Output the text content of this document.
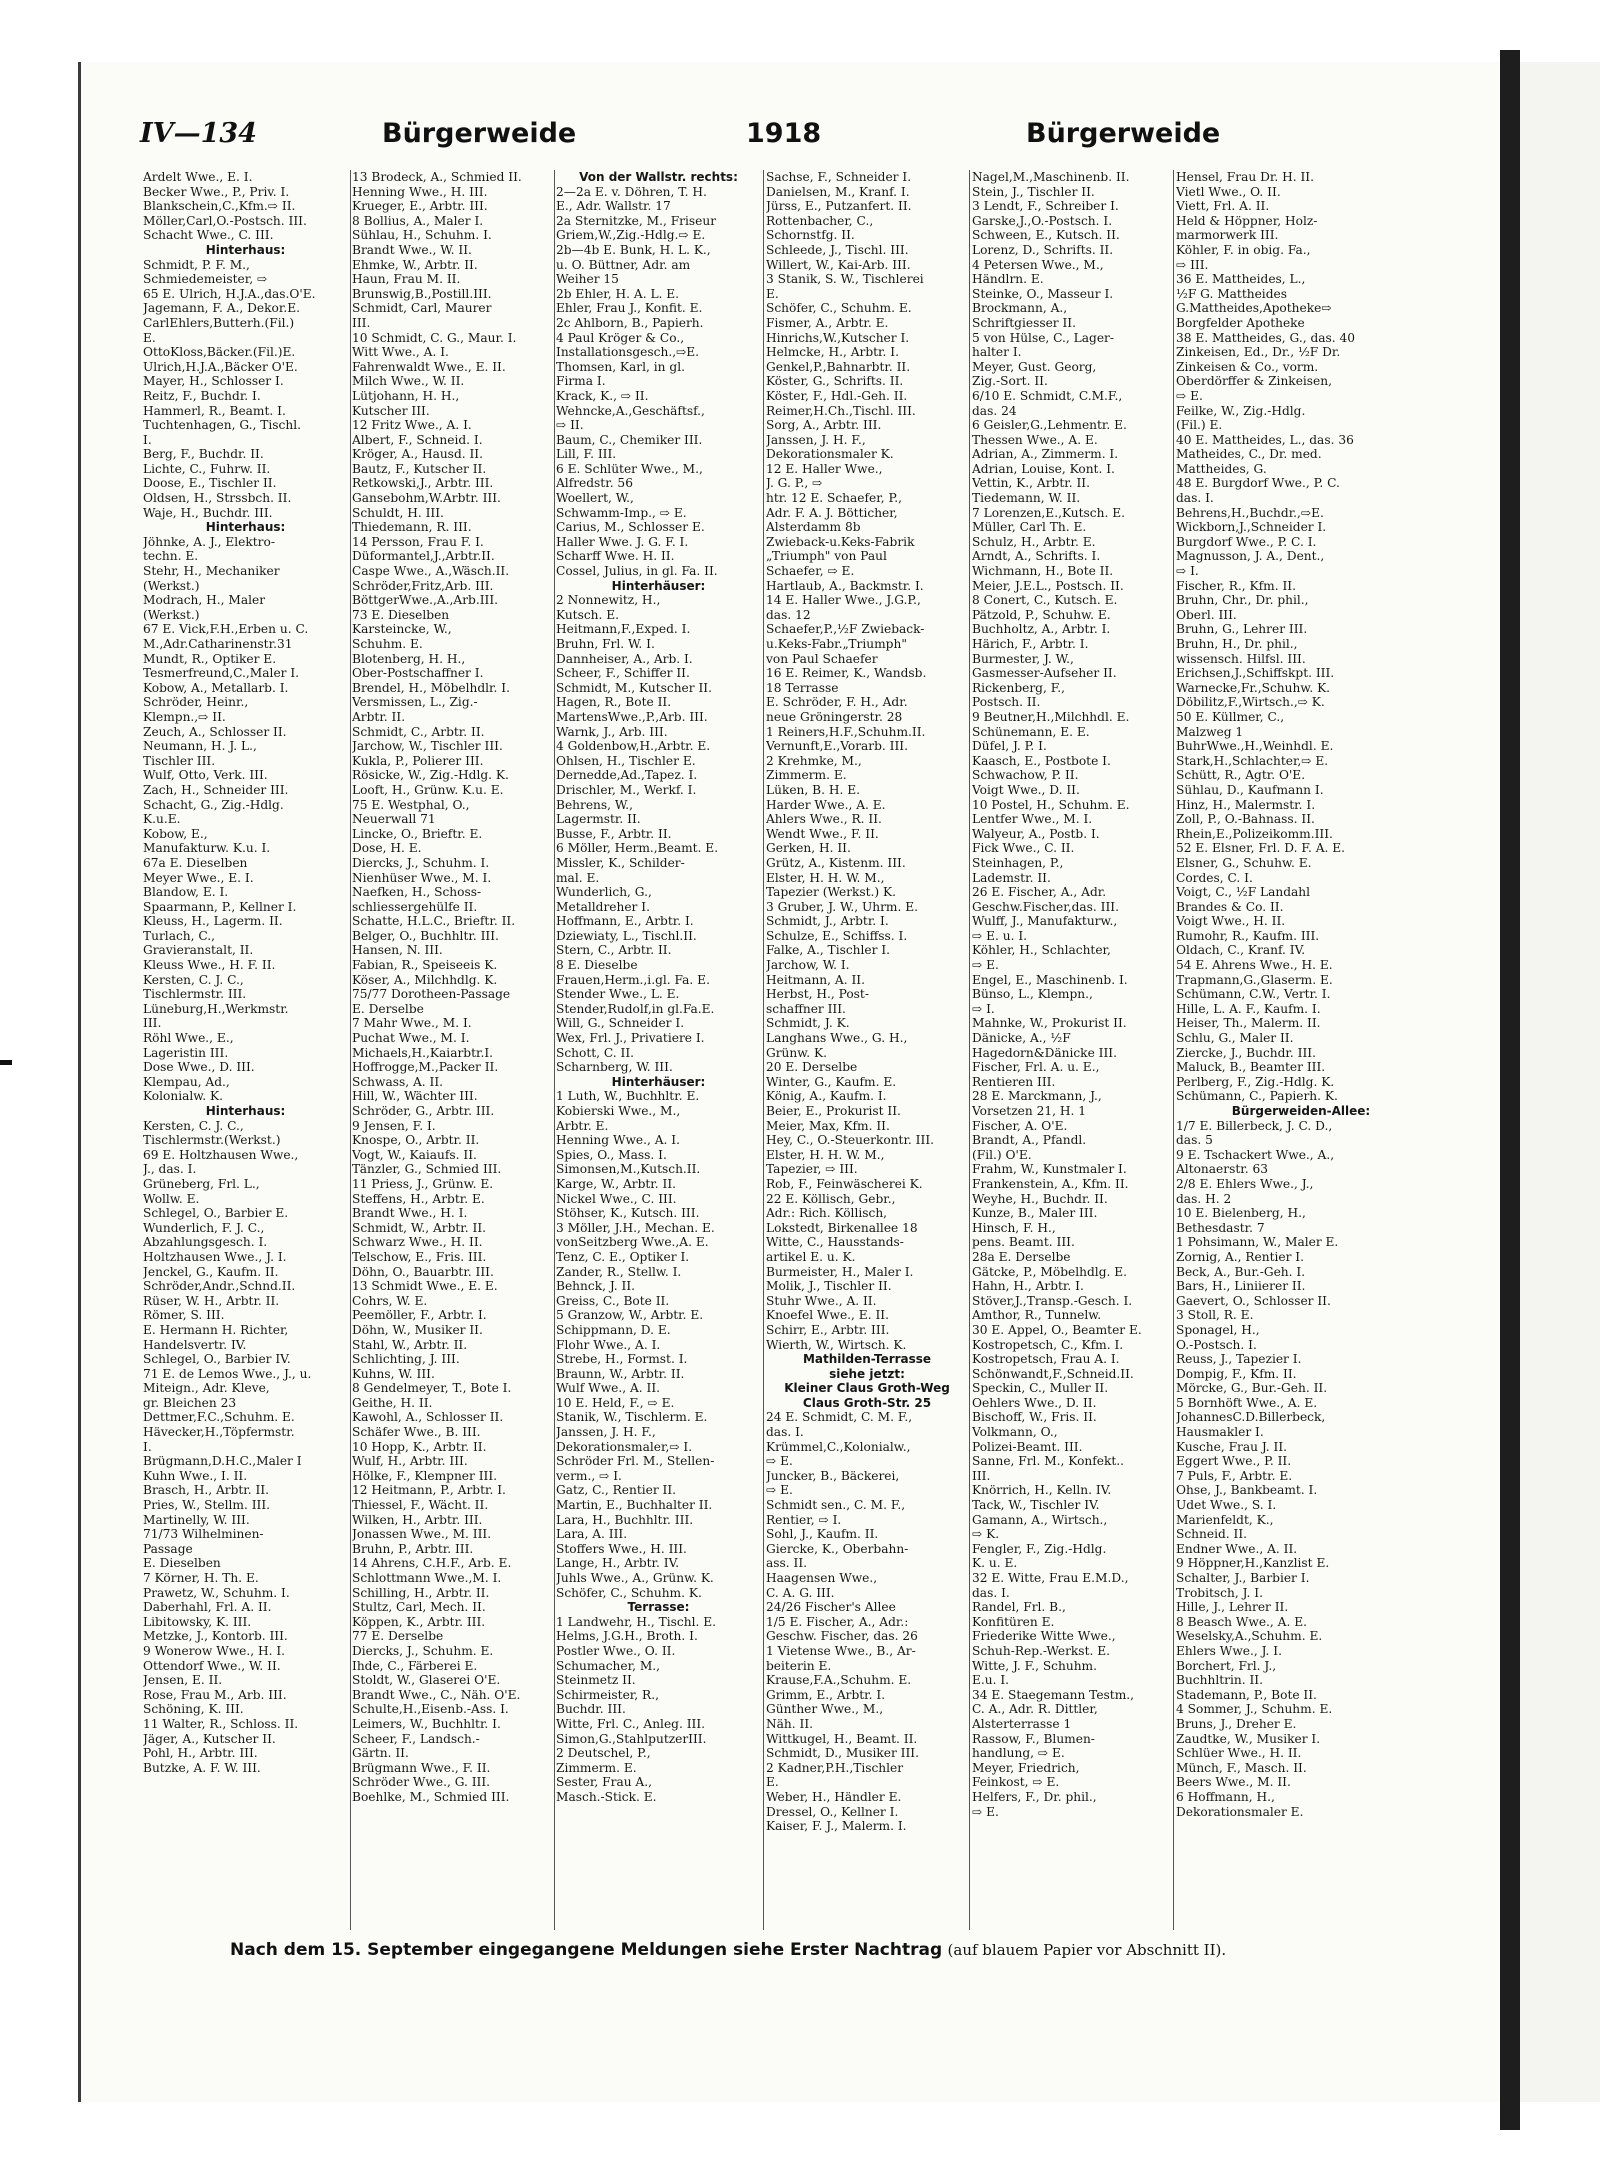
IV—134	Bürgerweide	1918	Bürgerweide
Ardelt Wwe., E. I.
Becker Wwe., P., Priv. I.
Blankschein,C.,Kfm.⇨ II.
Möller,Carl,O.-Postsch. III.
Schacht Wwe., C. III.
Hinterhaus:
Schmidt, P. F. M.,
Schmiedemeister, ⇨
65 E. Ulrich, H.J.A.,das.O'E.
Jagemann, F. A., Dekor.E.
CarlEhlers,Butterh.(Fil.)
E.
OttoKloss,Bäcker.(Fil.)E.
Ulrich,H.J.A.,Bäcker O'E.
Mayer, H., Schlosser I.
Reitz, F., Buchdr. I.
Hammerl, R., Beamt. I.
Tuchtenhagen, G., Tischl.
I.
Berg, F., Buchdr. II.
Lichte, C., Fuhrw. II.
Doose, E., Tischler II.
Oldsen, H., Strssbch. II.
Waje, H., Buchdr. III.
Hinterhaus:
Jöhnke, A. J., Elektro-
techn. E.
Stehr, H., Mechaniker
(Werkst.)
Modrach, H., Maler
(Werkst.)
67 E. Vick,F.H.,Erben u. C.
M.,Adr.Catharinenstr.31
Mundt, R., Optiker E.
Tesmerfreund,C.,Maler I.
Kobow, A., Metallarb. I.
Schröder, Heinr.,
Klempn.,⇨ II.
Zeuch, A., Schlosser II.
Neumann, H. J. L.,
Tischler III.
Wulf, Otto, Verk. III.
Zach, H., Schneider III.
Schacht, G., Zig.-Hdlg.
K.u.E.
Kobow, E.,
Manufakturw. K.u. I.
67a E. Dieselben
Meyer Wwe., E. I.
Blandow, E. I.
Spaarmann, P., Kellner I.
Kleuss, H., Lagerm. II.
Turlach, C.,
Gravieranstalt, II.
Kleuss Wwe., H. F. II.
Kersten, C. J. C.,
Tischlermstr. III.
Lüneburg,H.,Werkmstr.
III.
Röhl Wwe., E.,
Lageristin III.
Dose Wwe., D. III.
Klempau, Ad.,
Kolonialw. K.
Hinterhaus:
Kersten, C. J. C.,
Tischlermstr.(Werkst.)
69 E. Holtzhausen Wwe.,
J., das. I.
Grüneberg, Frl. L.,
Wollw. E.
Schlegel, O., Barbier E.
Wunderlich, F. J. C.,
Abzahlungsgesch. I.
Holtzhausen Wwe., J. I.
Jenckel, G., Kaufm. II.
Schröder,Andr.,Schnd.II.
Rüser, W. H., Arbtr. II.
Römer, S. III.
E. Hermann H. Richter,
Handelsvertr. IV.
Schlegel, O., Barbier IV.
71 E. de Lemos Wwe., J., u.
Miteign., Adr. Kleve,
gr. Bleichen 23
Dettmer,F.C.,Schuhm. E.
Hävecker,H.,Töpfermstr.
I.
Brügmann,D.H.C.,Maler I
Kuhn Wwe., I. II.
Brasch, H., Arbtr. II.
Pries, W., Stellm. III.
Martinelly, W. III.
71/73 Wilhelminen-
Passage
E. Dieselben
7 Körner, H. Th. E.
Prawetz, W., Schuhm. I.
Daberhahl, Frl. A. II.
Libitowsky, K. III.
Metzke, J., Kontorb. III.
9 Wonerow Wwe., H. I.
Ottendorf Wwe., W. II.
Jensen, E. II.
Rose, Frau M., Arb. III.
Schöning, K. III.
11 Walter, R., Schloss. II.
Jäger, A., Kutscher II.
Pohl, H., Arbtr. III.
Butzke, A. F. W. III.
13 Brodeck, A., Schmied II.
Henning Wwe., H. III.
Krueger, E., Arbtr. III.
8 Bollius, A., Maler I.
Sühlau, H., Schuhm. I.
Brandt Wwe., W. II.
Ehmke, W., Arbtr. II.
Haun, Frau M. II.
Brunswig,B.,Postill.III.
Schmidt, Carl, Maurer
III.
10 Schmidt, C. G., Maur. I.
Witt Wwe., A. I.
Fahrenwaldt Wwe., E. II.
Milch Wwe., W. II.
Lütjohann, H. H.,
Kutscher III.
12 Fritz Wwe., A. I.
Albert, F., Schneid. I.
Kröger, A., Hausd. II.
Bautz, F., Kutscher II.
Retkowski,J., Arbtr. III.
Gansebohm,W.Arbtr. III.
Schuldt, H. III.
Thiedemann, R. III.
14 Persson, Frau F. I.
Düformantel,J.,Arbtr.II.
Caspe Wwe., A.,Wäsch.II.
Schröder,Fritz,Arb. III.
BöttgerWwe.,A.,Arb.III.
73 E. Dieselben
Karsteincke, W.,
Schuhm. E.
Blotenberg, H. H.,
Ober-Postschaffner I.
Brendel, H., Möbelhdlr. I.
Versmissen, L., Zig.-
Arbtr. II.
Schmidt, C., Arbtr. II.
Jarchow, W., Tischler III.
Kukla, P., Polierer III.
Rösicke, W., Zig.-Hdlg. K.
Looft, H., Grünw. K.u. E.
75 E. Westphal, O.,
Neuerwall 71
Lincke, O., Brieftr. E.
Dose, H. E.
Diercks, J., Schuhm. I.
Nienhüser Wwe., M. I.
Naefken, H., Schoss-
schliessergehülfe II.
Schatte, H.L.C., Brieftr. II.
Belger, O., Buchhltr. III.
Hansen, N. III.
Fabian, R., Speiseeis K.
Köser, A., Milchhdlg. K.
75/77 Dorotheen-Passage
E. Derselbe
7 Mahr Wwe., M. I.
Puchat Wwe., M. I.
Michaels,H.,Kaiarbtr.I.
Hoffrogge,M.,Packer II.
Schwass, A. II.
Hill, W., Wächter III.
Schröder, G., Arbtr. III.
9 Jensen, F. I.
Knospe, O., Arbtr. II.
Vogt, W., Kaiaufs. II.
Tänzler, G., Schmied III.
11 Priess, J., Grünw. E.
Steffens, H., Arbtr. E.
Brandt Wwe., H. I.
Schmidt, W., Arbtr. II.
Schwarz Wwe., H. II.
Telschow, E., Fris. III.
Döhn, O., Bauarbtr. III.
13 Schmidt Wwe., E. E.
Cohrs, W. E.
Peemöller, F., Arbtr. I.
Döhn, W., Musiker II.
Stahl, W., Arbtr. II.
Schlichting, J. III.
Kuhns, W. III.
8 Gendelmeyer, T., Bote I.
Geithe, H. II.
Kawohl, A., Schlosser II.
Schäfer Wwe., B. III.
10 Hopp, K., Arbtr. II.
Wulf, H., Arbtr. III.
Hölke, F., Klempner III.
12 Heitmann, P., Arbtr. I.
Thiessel, F., Wächt. II.
Wilken, H., Arbtr. III.
Jonassen Wwe., M. III.
Bruhn, P., Arbtr. III.
14 Ahrens, C.H.F., Arb. E.
Schlottmann Wwe.,M. I.
Schilling, H., Arbtr. II.
Stultz, Carl, Mech. II.
Köppen, K., Arbtr. III.
77 E. Derselbe
Diercks, J., Schuhm. E.
Ihde, C., Färberei E.
Stoldt, W., Glaserei O'E.
Brandt Wwe., C., Näh. O'E.
Schulte,H.,Eisenb.-Ass. I.
Leimers, W., Buchhltr. I.
Scheer, F., Landsch.-
Gärtn. II.
Brügmann Wwe., F. II.
Schröder Wwe., G. III.
Boehlke, M., Schmied III.
Von der Wallstr. rechts:
2—2a E. v. Döhren, T. H.
E., Adr. Wallstr. 17
2a Sternitzke, M., Friseur
Griem,W.,Zig.-Hdlg.⇨ E.
2b—4b E. Bunk, H. L. K.,
u. O. Büttner, Adr. am
Weiher 15
2b Ehler, H. A. L. E.
Ehler, Frau J., Konfit. E.
2c Ahlborn, B., Papierh.
4 Paul Kröger & Co.,
Installationsgesch.,⇨E.
Thomsen, Karl, in gl.
Firma I.
Krack, K., ⇨ II.
Wehncke,A.,Geschäftsf.,
⇨ II.
Baum, C., Chemiker III.
Lill, F. III.
6 E. Schlüter Wwe., M.,
Alfredstr. 56
Woellert, W.,
Schwamm-Imp., ⇨ E.
Carius, M., Schlosser E.
Haller Wwe. J. G. F. I.
Scharff Wwe. H. II.
Cossel, Julius, in gl. Fa. II.
Hinterhäuser:
2 Nonnewitz, H.,
Kutsch. E.
Heitmann,F.,Exped. I.
Bruhn, Frl. W. I.
Dannheiser, A., Arb. I.
Scheer, F., Schiffer II.
Schmidt, M., Kutscher II.
Hagen, R., Bote II.
MartensWwe.,P.,Arb. III.
Warnk, J., Arb. III.
4 Goldenbow,H.,Arbtr. E.
Ohlsen, H., Tischler E.
Dernedde,Ad.,Tapez. I.
Drischler, M., Werkf. I.
Behrens, W.,
Lagermstr. II.
Busse, F., Arbtr. II.
6 Möller, Herm.,Beamt. E.
Missler, K., Schilder-
mal. E.
Wunderlich, G.,
Metalldreher I.
Hoffmann, E., Arbtr. I.
Dziewiaty, L., Tischl.II.
Stern, C., Arbtr. II.
8 E. Dieselbe
Frauen,Herm.,i.gl. Fa. E.
Stender Wwe., L. E.
Stender,Rudolf,in gl.Fa.E.
Will, G., Schneider I.
Wex, Frl. J., Privatiere I.
Schott, C. II.
Scharnberg, W. III.
Hinterhäuser:
1 Luth, W., Buchhltr. E.
Kobierski Wwe., M.,
Arbtr. E.
Henning Wwe., A. I.
Spies, O., Mass. I.
Simonsen,M.,Kutsch.II.
Karge, W., Arbtr. II.
Nickel Wwe., C. III.
Stöhser, K., Kutsch. III.
3 Möller, J.H., Mechan. E.
vonSeitzberg Wwe.,A. E.
Tenz, C. E., Optiker I.
Zander, R., Stellw. I.
Behnck, J. II.
Greiss, C., Bote II.
5 Granzow, W., Arbtr. E.
Schippmann, D. E.
Flohr Wwe., A. I.
Strebe, H., Formst. I.
Braunn, W., Arbtr. II.
Wulf Wwe., A. II.
10 E. Held, F., ⇨ E.
Stanik, W., Tischlerm. E.
Janssen, J. H. F.,
Dekorationsmaler,⇨ I.
Schröder Frl. M., Stellen-
verm., ⇨ I.
Gatz, C., Rentier II.
Martin, E., Buchhalter II.
Lara, H., Buchhltr. III.
Lara, A. III.
Stoffers Wwe., H. III.
Lange, H., Arbtr. IV.
Juhls Wwe., A., Grünw. K.
Schöfer, C., Schuhm. K.
Terrasse:
1 Landwehr, H., Tischl. E.
Helms, J.G.H., Broth. I.
Postler Wwe., O. II.
Schumacher, M.,
Steinmetz II.
Schirmeister, R.,
Buchdr. III.
Witte, Frl. C., Anleg. III.
Simon,G.,StahlputzerIII.
2 Deutschel, P.,
Zimmerm. E.
Sester, Frau A.,
Masch.-Stick. E.
Sachse, F., Schneider I.
Danielsen, M., Kranf. I.
Jürss, E., Putzanfert. II.
Rottenbacher, C.,
Schornstfg. II.
Schleede, J., Tischl. III.
Willert, W., Kai-Arb. III.
3 Stanik, S. W., Tischlerei
E.
Schöfer, C., Schuhm. E.
Fismer, A., Arbtr. E.
Hinrichs,W.,Kutscher I.
Helmcke, H., Arbtr. I.
Genkel,P.,Bahnarbtr. II.
Köster, G., Schrifts. II.
Köster, F., Hdl.-Geh. II.
Reimer,H.Ch.,Tischl. III.
Sorg, A., Arbtr. III.
Janssen, J. H. F.,
Dekorationsmaler K.
12 E. Haller Wwe.,
J. G. P., ⇨
htr. 12 E. Schaefer, P.,
Adr. F. A. J. Bötticher,
Alsterdamm 8b
Zwieback-u.Keks-Fabrik
„Triumph" von Paul
Schaefer, ⇨ E.
Hartlaub, A., Backmstr. I.
14 E. Haller Wwe., J.G.P.,
das. 12
Schaefer,P.,½F Zwieback-
u.Keks-Fabr.„Triumph"
von Paul Schaefer
16 E. Reimer, K., Wandsb.
18 Terrasse
E. Schröder, F. H., Adr.
neue Gröningerstr. 28
1 Reiners,H.F.,Schuhm.II.
Vernunft,E.,Vorarb. III.
2 Krehmke, M.,
Zimmerm. E.
Lüken, B. H. E.
Harder Wwe., A. E.
Ahlers Wwe., R. II.
Wendt Wwe., F. II.
Gerken, H. II.
Grütz, A., Kistenm. III.
Elster, H. H. W. M.,
Tapezier (Werkst.) K.
3 Gruber, J. W., Uhrm. E.
Schmidt, J., Arbtr. I.
Schulze, E., Schiffss. I.
Falke, A., Tischler I.
Jarchow, W. I.
Heitmann, A. II.
Herbst, H., Post-
schaffner III.
Schmidt, J. K.
Langhans Wwe., G. H.,
Grünw. K.
20 E. Derselbe
Winter, G., Kaufm. E.
König, A., Kaufm. I.
Beier, E., Prokurist II.
Meier, Max, Kfm. II.
Hey, C., O.-Steuerkontr. III.
Elster, H. H. W. M.,
Tapezier, ⇨ III.
Rob, F., Feinwäscherei K.
22 E. Köllisch, Gebr.,
Adr.: Rich. Köllisch,
Lokstedt, Birkenallee 18
Witte, C., Hausstands-
artikel E. u. K.
Burmeister, H., Maler I.
Molik, J., Tischler II.
Stuhr Wwe., A. II.
Knoefel Wwe., E. II.
Schirr, E., Arbtr. III.
Wierth, W., Wirtsch. K.
Mathilden-Terrasse
siehe jetzt:
Kleiner Claus Groth-Weg
Claus Groth-Str. 25
24 E. Schmidt, C. M. F.,
das. I.
Krümmel,C.,Kolonialw.,
⇨ E.
Juncker, B., Bäckerei,
⇨ E.
Schmidt sen., C. M. F.,
Rentier, ⇨ I.
Sohl, J., Kaufm. II.
Giercke, K., Oberbahn-
ass. II.
Haagensen Wwe.,
C. A. G. III.
24/26 Fischer's Allee
1/5 E. Fischer, A., Adr.:
Geschw. Fischer, das. 26
1 Vietense Wwe., B., Ar-
beiterin E.
Krause,F.A.,Schuhm. E.
Grimm, E., Arbtr. I.
Günther Wwe., M.,
Näh. II.
Wittkugel, H., Beamt. II.
Schmidt, D., Musiker III.
2 Kadner,P.H.,Tischler
E.
Weber, H., Händler E.
Dressel, O., Kellner I.
Kaiser, F. J., Malerm. I.
Nagel,M.,Maschinenb. II.
Stein, J., Tischler II.
3 Lendt, F., Schreiber I.
Garske,J.,O.-Postsch. I.
Schween, E., Kutsch. II.
Lorenz, D., Schrifts. II.
4 Petersen Wwe., M.,
Händlrn. E.
Steinke, O., Masseur I.
Brockmann, A.,
Schriftgiesser II.
5 von Hülse, C., Lager-
halter I.
Meyer, Gust. Georg,
Zig.-Sort. II.
6/10 E. Schmidt, C.M.F.,
das. 24
6 Geisler,G.,Lehmentr. E.
Thessen Wwe., A. E.
Adrian, A., Zimmerm. I.
Adrian, Louise, Kont. I.
Vettin, K., Arbtr. II.
Tiedemann, W. II.
7 Lorenzen,E.,Kutsch. E.
Müller, Carl Th. E.
Schulz, H., Arbtr. E.
Arndt, A., Schrifts. I.
Wichmann, H., Bote II.
Meier, J.E.L., Postsch. II.
8 Conert, C., Kutsch. E.
Pätzold, P., Schuhw. E.
Buchholtz, A., Arbtr. I.
Härich, F., Arbtr. I.
Burmester, J. W.,
Gasmesser-Aufseher II.
Rickenberg, F.,
Postsch. II.
9 Beutner,H.,Milchhdl. E.
Schünemann, E. E.
Düfel, J. P. I.
Kaasch, E., Postbote I.
Schwachow, P. II.
Voigt Wwe., D. II.
10 Postel, H., Schuhm. E.
Lentfer Wwe., M. I.
Walyeur, A., Postb. I.
Fick Wwe., C. II.
Steinhagen, P.,
Lademstr. II.
26 E. Fischer, A., Adr.
Geschw.Fischer,das. III.
Wulff, J., Manufakturw.,
⇨ E. u. I.
Köhler, H., Schlachter,
⇨ E.
Engel, E., Maschinenb. I.
Bünso, L., Klempn.,
⇨ I.
Mahnke, W., Prokurist II.
Dänicke, A., ½F
Hagedorn&Dänicke III.
Fischer, Frl. A. u. E.,
Rentieren III.
28 E. Marckmann, J.,
Vorsetzen 21, H. 1
Fischer, A. O'E.
Brandt, A., Pfandl.
(Fil.) O'E.
Frahm, W., Kunstmaler I.
Frankenstein, A., Kfm. II.
Weyhe, H., Buchdr. II.
Kunze, B., Maler III.
Hinsch, F. H.,
pens. Beamt. III.
28a E. Derselbe
Gätcke, P., Möbelhdlg. E.
Hahn, H., Arbtr. I.
Stöver,J.,Transp.-Gesch. I.
Amthor, R., Tunnelw.
30 E. Appel, O., Beamter E.
Kostropetsch, C., Kfm. I.
Kostropetsch, Frau A. I.
Schönwandt,F.,Schneid.II.
Speckin, C., Muller II.
Oehlers Wwe., D. II.
Bischoff, W., Fris. II.
Volkmann, O.,
Polizei-Beamt. III.
Sanne, Frl. M., Konfekt..
III.
Knörrich, H., Kelln. IV.
Tack, W., Tischler IV.
Gamann, A., Wirtsch.,
⇨ K.
Fengler, F., Zig.-Hdlg.
K. u. E.
32 E. Witte, Frau E.M.D.,
das. I.
Randel, Frl. B.,
Konfitüren E.
Friederike Witte Wwe.,
Schuh-Rep.-Werkst. E.
Witte, J. F., Schuhm.
E.u. I.
34 E. Staegemann Testm.,
C. A., Adr. R. Dittler,
Alsterterrasse 1
Rassow, F., Blumen-
handlung, ⇨ E.
Meyer, Friedrich,
Feinkost, ⇨ E.
Helfers, F., Dr. phil.,
⇨ E.
Hensel, Frau Dr. H. II.
Vietl Wwe., O. II.
Viett, Frl. A. II.
Held & Höppner, Holz-
marmorwerk III.
Köhler, F. in obig. Fa.,
⇨ III.
36 E. Mattheides, L.,
½F G. Mattheides
G.Mattheides,Apotheke⇨
Borgfelder Apotheke
38 E. Mattheides, G., das. 40
Zinkeisen, Ed., Dr., ½F Dr.
Zinkeisen & Co., vorm.
Oberdörffer & Zinkeisen,
⇨ E.
Feilke, W., Zig.-Hdlg.
(Fil.) E.
40 E. Mattheides, L., das. 36
Matheides, C., Dr. med.
Mattheides, G.
48 E. Burgdorf Wwe., P. C.
das. I.
Behrens,H.,Buchdr.,⇨E.
Wickborn,J.,Schneider I.
Burgdorf Wwe., P. C. I.
Magnusson, J. A., Dent.,
⇨ I.
Fischer, R., Kfm. II.
Bruhn, Chr., Dr. phil.,
Oberl. III.
Bruhn, G., Lehrer III.
Bruhn, H., Dr. phil.,
wissensch. Hilfsl. III.
Erichsen,J.,Schiffskpt. III.
Warnecke,Fr.,Schuhw. K.
Döbilitz,F.,Wirtsch.,⇨ K.
50 E. Küllmer, C.,
Malzweg 1
BuhrWwe.,H.,Weinhdl. E.
Stark,H.,Schlachter,⇨ E.
Schütt, R., Agtr. O'E.
Sühlau, D., Kaufmann I.
Hinz, H., Malermstr. I.
Zoll, P., O.-Bahnass. II.
Rhein,E.,Polizeikomm.III.
52 E. Elsner, Frl. D. F. A. E.
Elsner, G., Schuhw. E.
Cordes, C. I.
Voigt, C., ½F Landahl
Brandes & Co. II.
Voigt Wwe., H. II.
Rumohr, R., Kaufm. III.
Oldach, C., Kranf. IV.
54 E. Ahrens Wwe., H. E.
Trapmann,G.,Glaserm. E.
Schümann, C.W., Vertr. I.
Hille, L. A. F., Kaufm. I.
Heiser, Th., Malerm. II.
Schlu, G., Maler II.
Ziercke, J., Buchdr. III.
Maluck, B., Beamter III.
Perlberg, F., Zig.-Hdlg. K.
Schümann, C., Papierh. K.
Bürgerweiden-Allee:
1/7 E. Billerbeck, J. C. D.,
das. 5
9 E. Tschackert Wwe., A.,
Altonaerstr. 63
2/8 E. Ehlers Wwe., J.,
das. H. 2
10 E. Bielenberg, H.,
Bethesdastr. 7
1 Pohsimann, W., Maler E.
Zornig, A., Rentier I.
Beck, A., Bur.-Geh. I.
Bars, H., Liniierer II.
Gaevert, O., Schlosser II.
3 Stoll, R. E.
Sponagel, H.,
O.-Postsch. I.
Reuss, J., Tapezier I.
Dompig, F., Kfm. II.
Mörcke, G., Bur.-Geh. II.
5 Bornhöft Wwe., A. E.
JohannesC.D.Billerbeck,
Hausmakler I.
Kusche, Frau J. II.
Eggert Wwe., P. II.
7 Puls, F., Arbtr. E.
Ohse, J., Bankbeamt. I.
Udet Wwe., S. I.
Marienfeldt, K.,
Schneid. II.
Endner Wwe., A. II.
9 Höppner,H.,Kanzlist E.
Schalter, J., Barbier I.
Trobitsch, J. I.
Hille, J., Lehrer II.
8 Beasch Wwe., A. E.
Weselsky,A.,Schuhm. E.
Ehlers Wwe., J. I.
Borchert, Frl. J.,
Buchhltrin. II.
Stademann, P., Bote II.
4 Sommer, J., Schuhm. E.
Bruns, J., Dreher E.
Zaudtke, W., Musiker I.
Schlüer Wwe., H. II.
Münch, F., Masch. II.
Beers Wwe., M. II.
6 Hoffmann, H.,
Dekorationsmaler E.
Nach dem 15. September eingegangene Meldungen siehe Erster Nachtrag (auf blauem Papier vor Abschnitt II).
